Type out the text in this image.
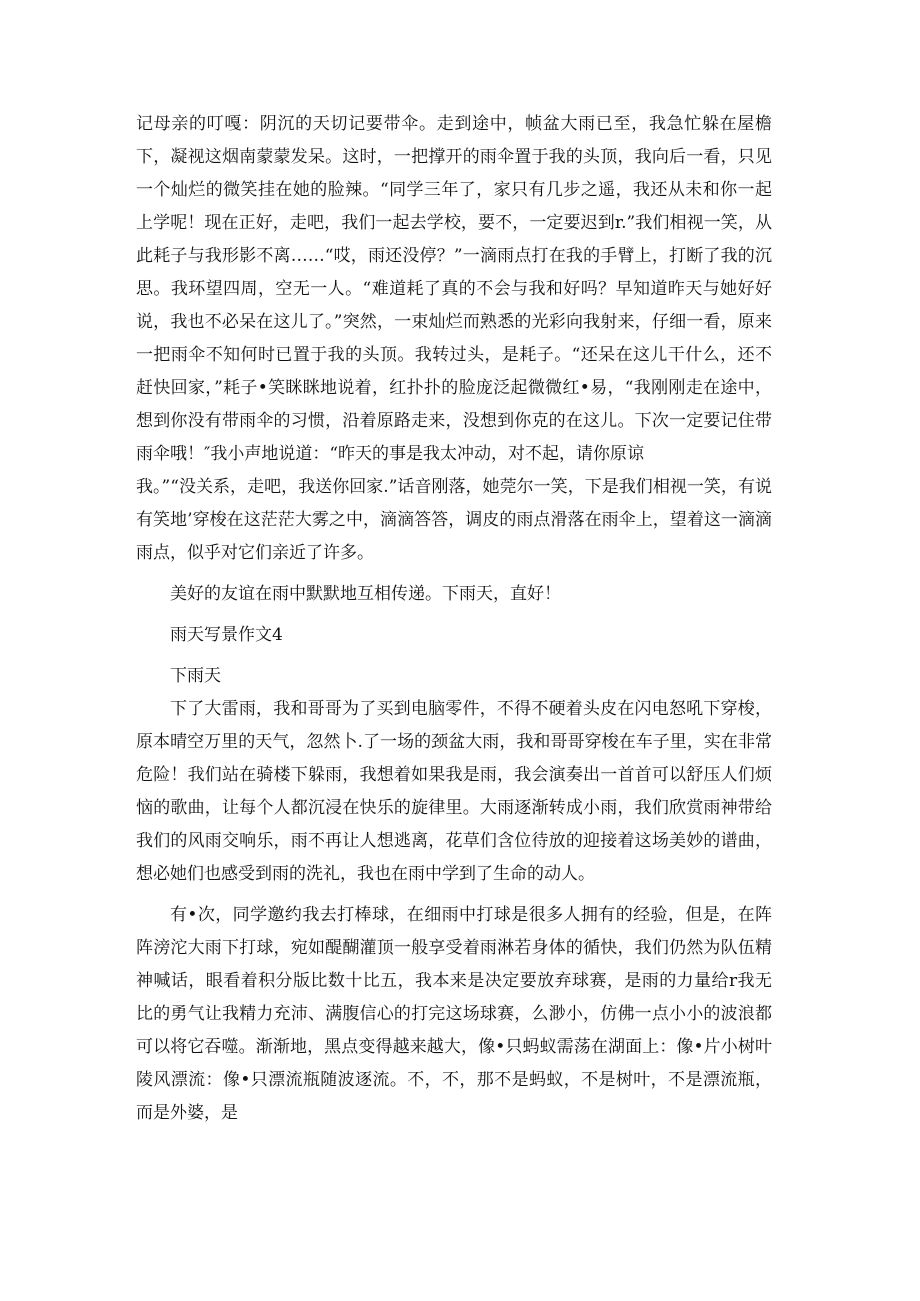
记母亲的叮嘎：阴沉的天切记要带伞。走到途中，帧盆大雨已至，我急忙躲在屋檐下，凝视这烟南蒙蒙发呆。这时，一把撑开的雨伞置于我的头顶，我向后一看，只见一个灿烂的微笑挂在她的脸辣。“同学三年了，家只有几步之遥，我还从未和你一起上学呢！现在正好，走吧，我们一起去学校，要不，一定要迟到r.”我们相视一笑，从此耗子与我形影不离……“哎，雨还没停？”一滴雨点打在我的手臂上，打断了我的沉思。我环望四周，空无一人。“难道耗了真的不会与我和好吗？早知道昨天与她好好说，我也不必呆在这儿了。”突然，一束灿烂而熟悉的光彩向我射来，仔细一看，原来一把雨伞不知何时已置于我的头顶。我转过头，是耗子。“还呆在这儿干什么，还不赶快回家，”耗子•笑眯眯地说着，红扑扑的脸庞泛起微微红•易，“我刚刚走在途中，想到你没有带雨伞的习惯，沿着原路走来，没想到你克的在这儿。下次一定要记住带雨伞哦！″我小声地说道：“昨天的事是我太冲动，对不起，请你原谅

我。”“没关系，走吧，我送你回家.”话音刚落，她莞尔一笑，下是我们相视一笑，有说有笑地’穿梭在这茫茫大雾之中，滴滴答答，调皮的雨点滑落在雨伞上，望着这一滴滴雨点，似乎对它们亲近了许多。

美好的友谊在雨中默默地互相传递。下雨天，直好！

雨天写景作文4

下雨天

下了大雷雨，我和哥哥为了买到电脑零件，不得不硬着头皮在闪电怒吼下穿梭，原本晴空万里的天气，忽然卜.了一场的颈盆大雨，我和哥哥穿梭在车子里，实在非常危险！我们站在骑楼下躲雨，我想着如果我是雨，我会演奏出一首首可以舒压人们烦恼的歌曲，让每个人都沉浸在快乐的旋律里。大雨逐渐转成小雨，我们欣赏雨神带给我们的风雨交响乐，雨不再让人想逃离，花草们含位待放的迎接着这场美妙的谱曲，想必她们也感受到雨的洗礼，我也在雨中学到了生命的动人。

有•次，同学邀约我去打棒球，在细雨中打球是很多人拥有的经验，但是，在阵阵滂沱大雨下打球，宛如醍醐灌顶一般享受着雨淋若身体的循快，我们仍然为队伍精神喊话，眼看着积分版比数十比五，我本来是决定要放弃球赛，是雨的力量给r我无比的勇气让我精力充沛、满腹信心的打完这场球赛，么渺小，仿佛一点小小的波浪都可以将它吞噬。渐渐地，黑点变得越来越大，像•只蚂蚁需荡在湖面上：像•片小树叶陵风漂流：像•只漂流瓶随波逐流。不，不，那不是蚂蚁，不是树叶，不是漂流瓶，而是外婆，是
